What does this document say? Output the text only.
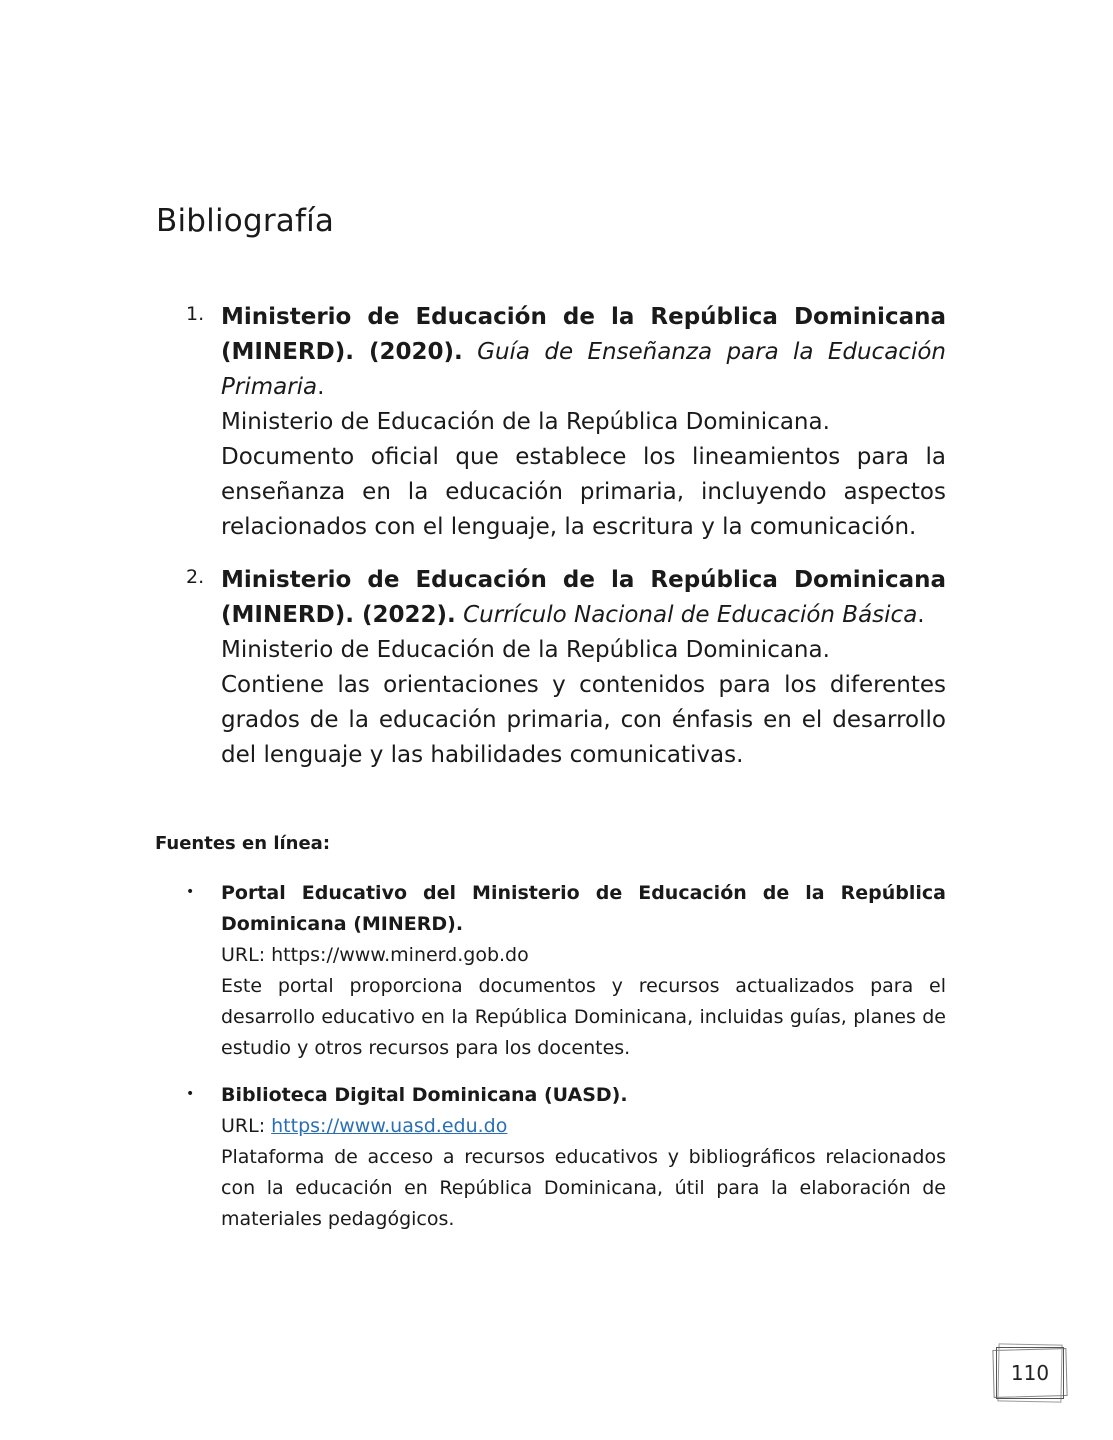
Bibliografía
1. Ministerio de Educación de la República Dominicana (MINERD). (2020). Guía de Enseñanza para la Educación Primaria.

Ministerio de Educación de la República Dominicana.

Documento oficial que establece los lineamientos para la enseñanza en la educación primaria, incluyendo aspectos relacionados con el lenguaje, la escritura y la comunicación.

2. Ministerio de Educación de la República Dominicana (MINERD). (2022). Currículo Nacional de Educación Básica.

Ministerio de Educación de la República Dominicana.

Contiene las orientaciones y contenidos para los diferentes grados de la educación primaria, con énfasis en el desarrollo del lenguaje y las habilidades comunicativas.

Fuentes en línea:
• Portal Educativo del Ministerio de Educación de la República Dominicana (MINERD).

URL: https://www.minerd.gob.do

Este portal proporciona documentos y recursos actualizados para el desarrollo educativo en la República Dominicana, incluidas guías, planes de estudio y otros recursos para los docentes.

• Biblioteca Digital Dominicana (UASD).

URL: https://www.uasd.edu.do

Plataforma de acceso a recursos educativos y bibliográficos relacionados con la educación en República Dominicana, útil para la elaboración de materiales pedagógicos.

110
